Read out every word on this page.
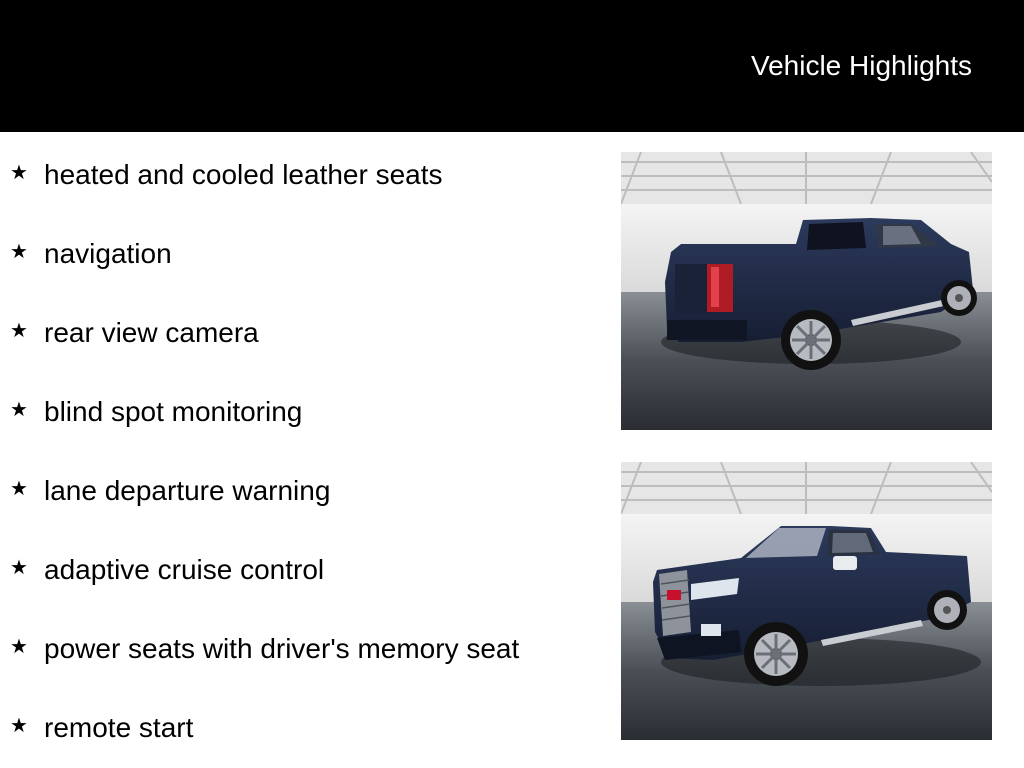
Vehicle Highlights
★ heated and cooled leather seats
★ navigation
★ rear view camera
★ blind spot monitoring
★ lane departure warning
★ adaptive cruise control
★ power seats with driver's memory seat
★ remote start
